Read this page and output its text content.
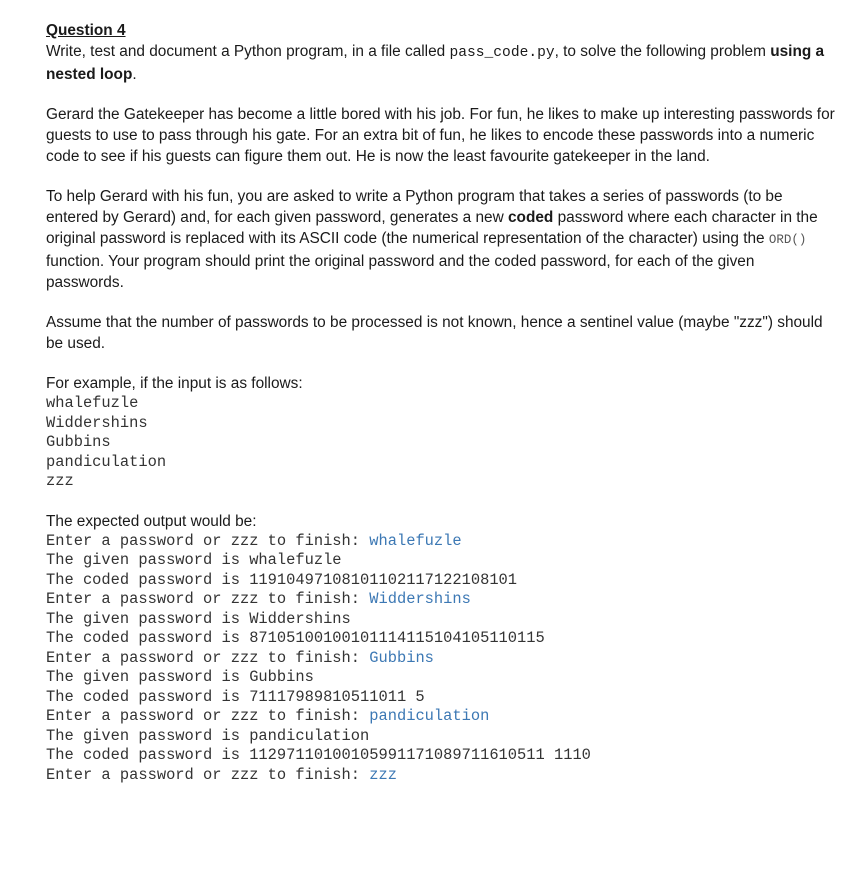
Question 4

Write, test and document a Python program, in a file called pass_code.py, to solve the following problem using a nested loop.

Gerard the Gatekeeper has become a little bored with his job. For fun, he likes to make up interesting passwords for guests to use to pass through his gate. For an extra bit of fun, he likes to encode these passwords into a numeric code to see if his guests can figure them out. He is now the least favourite gatekeeper in the land.

To help Gerard with his fun, you are asked to write a Python program that takes a series of passwords (to be entered by Gerard) and, for each given password, generates a new coded password where each character in the original password is replaced with its ASCII code (the numerical representation of the character) using the ORD() function. Your program should print the original password and the coded password, for each of the given passwords.

Assume that the number of passwords to be processed is not known, hence a sentinel value (maybe "zzz") should be used.

For example, if the input is as follows:

whalefuzle
Widdershins
Gubbins
pandiculation
zzz

The expected output would be:

Enter a password or zzz to finish: whalefuzle
The given password is whalefuzle
The coded password is 11910497108101102117122108101
Enter a password or zzz to finish: Widdershins
The given password is Widdershins
The coded password is 87105100100101114115104105110115
Enter a password or zzz to finish: Gubbins
The given password is Gubbins
The coded password is 71117989810511011 5
Enter a password or zzz to finish: pandiculation
The given password is pandiculation
The coded password is 11297110100105991171089711610511 1110
Enter a password or zzz to finish: zzz
